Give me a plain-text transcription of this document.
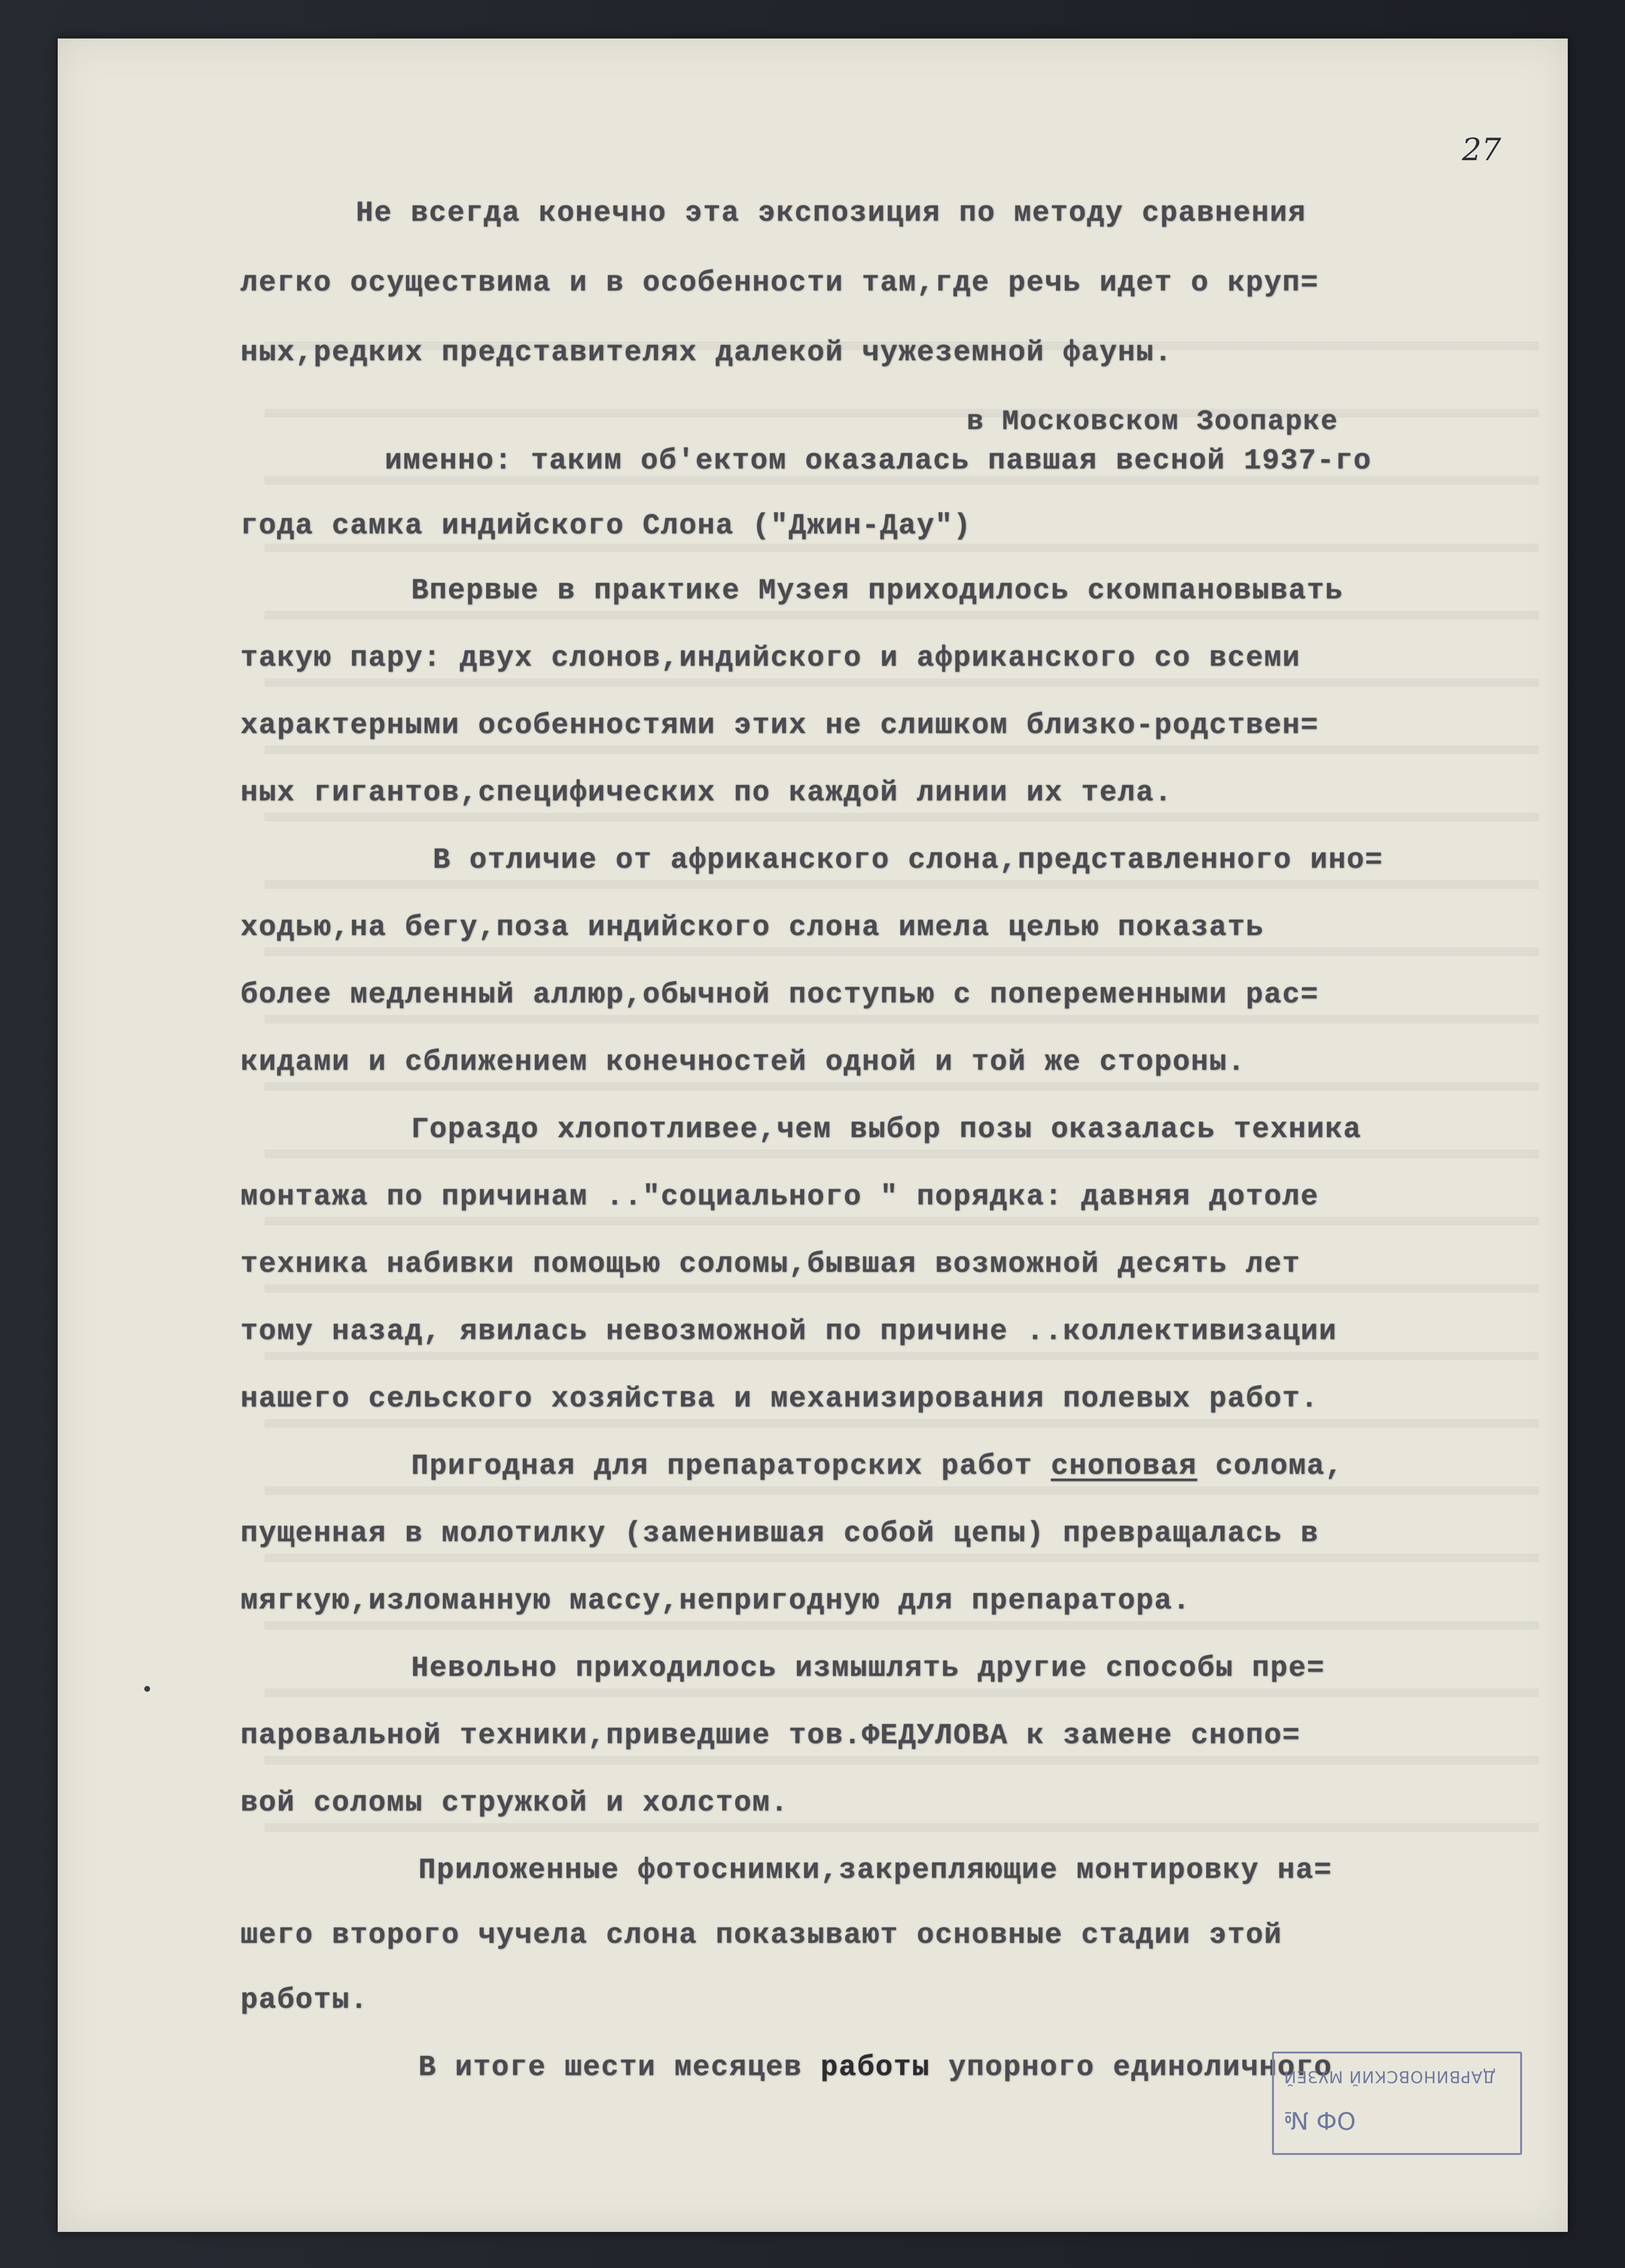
27
Не всегда конечно эта экспозиция по методу сравнения
легко осуществима и в особенности там,где речь идет о круп=
ных,редких представителях далекой чужеземной фауны.
в Московском Зоопарке
именно: таким об'ектом оказалась павшая весной 1937-го
года самка индийского Слона ("Джин-Дау")
Впервые в практике Музея приходилось скомпановывать
такую пару: двух слонов,индийского и африканского со всеми
характерными особенностями этих не слишком близко-родствен=
ных гигантов,специфических по каждой линии их тела.
В отличие от африканского слона,представленного ино=
ходью,на бегу,поза индийского слона имела целью показать
более медленный аллюр,обычной поступью с попеременными рас=
кидами и сближением конечностей одной и той же стороны.
Гораздо хлопотливее,чем выбор позы оказалась техника
монтажа по причинам .."социального " порядка: давняя дотоле
техника набивки помощью соломы,бывшая возможной десять лет
тому назад, явилась невозможной по причине ..коллективизации
нашего сельского хозяйства и механизирования полевых работ.
Пригодная для препараторских работ сноповая солома,
пущенная в молотилку (заменившая собой цепы) превращалась в
мягкую,изломанную массу,непригодную для препаратора.
Невольно приходилось измышлять другие способы пре=
паровальной техники,приведшие тов.ФЕДУЛОВА к замене снопо=
вой соломы стружкой и холстом.
Приложенные фотоснимки,закрепляющие монтировку на=
шего второго чучела слона показывают основные стадии этой
работы.
В итоге шести месяцев работы упорного единоличного
ДАРВИНОВСКИЙ МУЗЕЙ
ОФ №
